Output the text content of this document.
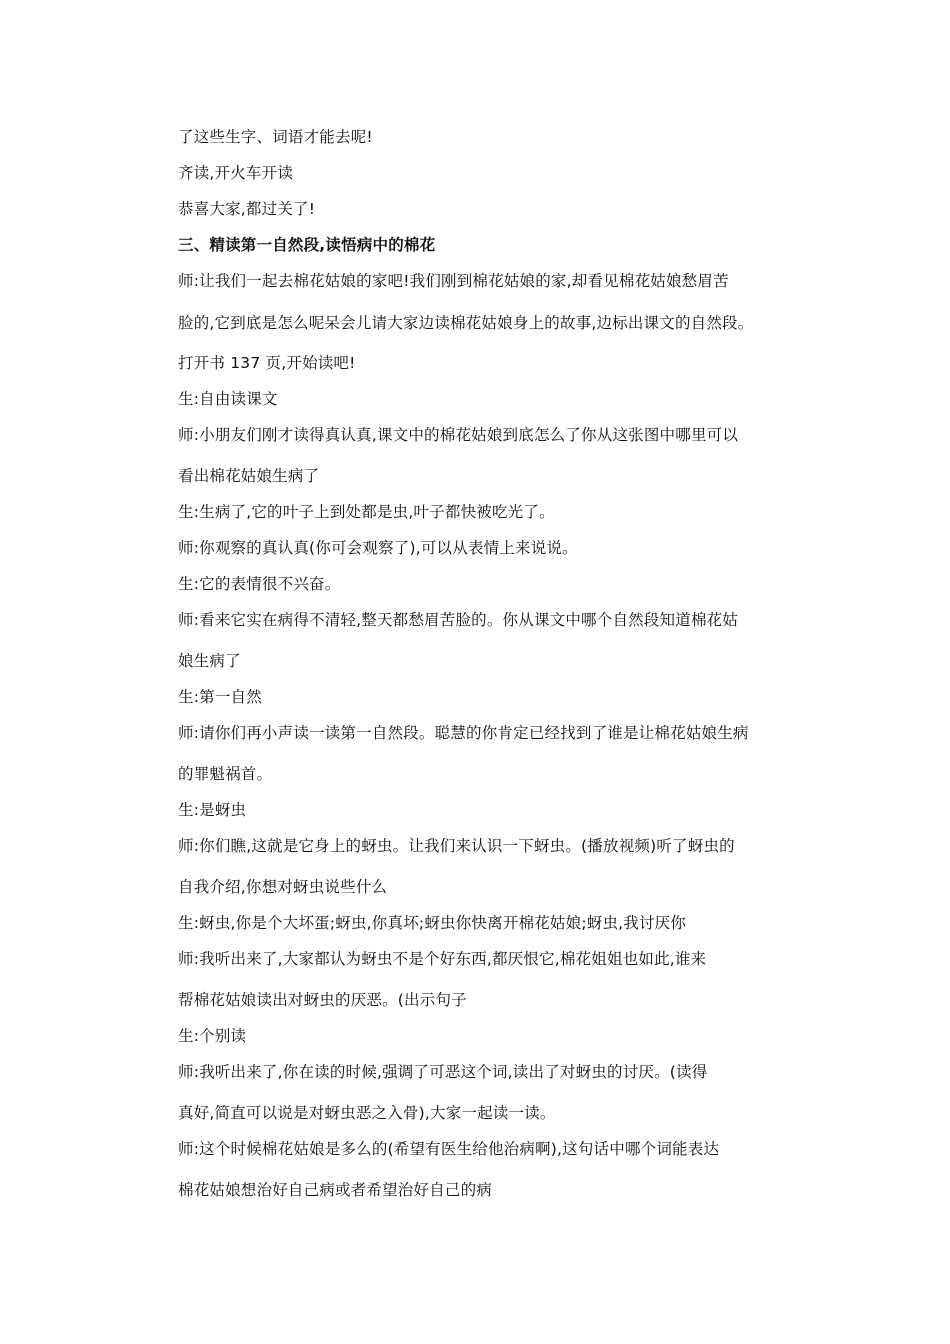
了这些生字、词语才能去呢!
齐读,开火车开读
恭喜大家,都过关了!
三、精读第一自然段,读悟病中的棉花
师:让我们一起去棉花姑娘的家吧!我们刚到棉花姑娘的家,却看见棉花姑娘愁眉苦
脸的,它到底是怎么呢呆会儿请大家边读棉花姑娘身上的故事,边标出课文的自然段。
打开书 137 页,开始读吧!
生:自由读课文
师:小朋友们刚才读得真认真,课文中的棉花姑娘到底怎么了你从这张图中哪里可以
看出棉花姑娘生病了
生:生病了,它的叶子上到处都是虫,叶子都快被吃光了。
师:你观察的真认真(你可会观察了),可以从表情上来说说。
生:它的表情很不兴奋。
师:看来它实在病得不清轻,整天都愁眉苦脸的。你从课文中哪个自然段知道棉花姑
娘生病了
生:第一自然
师:请你们再小声读一读第一自然段。聪慧的你肯定已经找到了谁是让棉花姑娘生病
的罪魁祸首。
生:是蚜虫
师:你们瞧,这就是它身上的蚜虫。让我们来认识一下蚜虫。(播放视频)听了蚜虫的
自我介绍,你想对蚜虫说些什么
生:蚜虫,你是个大坏蛋;蚜虫,你真坏;蚜虫你快离开棉花姑娘;蚜虫,我讨厌你
师:我听出来了,大家都认为蚜虫不是个好东西,都厌恨它,棉花姐姐也如此,谁来
帮棉花姑娘读出对蚜虫的厌恶。(出示句子
生:个别读
师:我听出来了,你在读的时候,强调了可恶这个词,读出了对蚜虫的讨厌。(读得
真好,简直可以说是对蚜虫恶之入骨),大家一起读一读。
师:这个时候棉花姑娘是多么的(希望有医生给他治病啊),这句话中哪个词能表达
棉花姑娘想治好自己病或者希望治好自己的病
